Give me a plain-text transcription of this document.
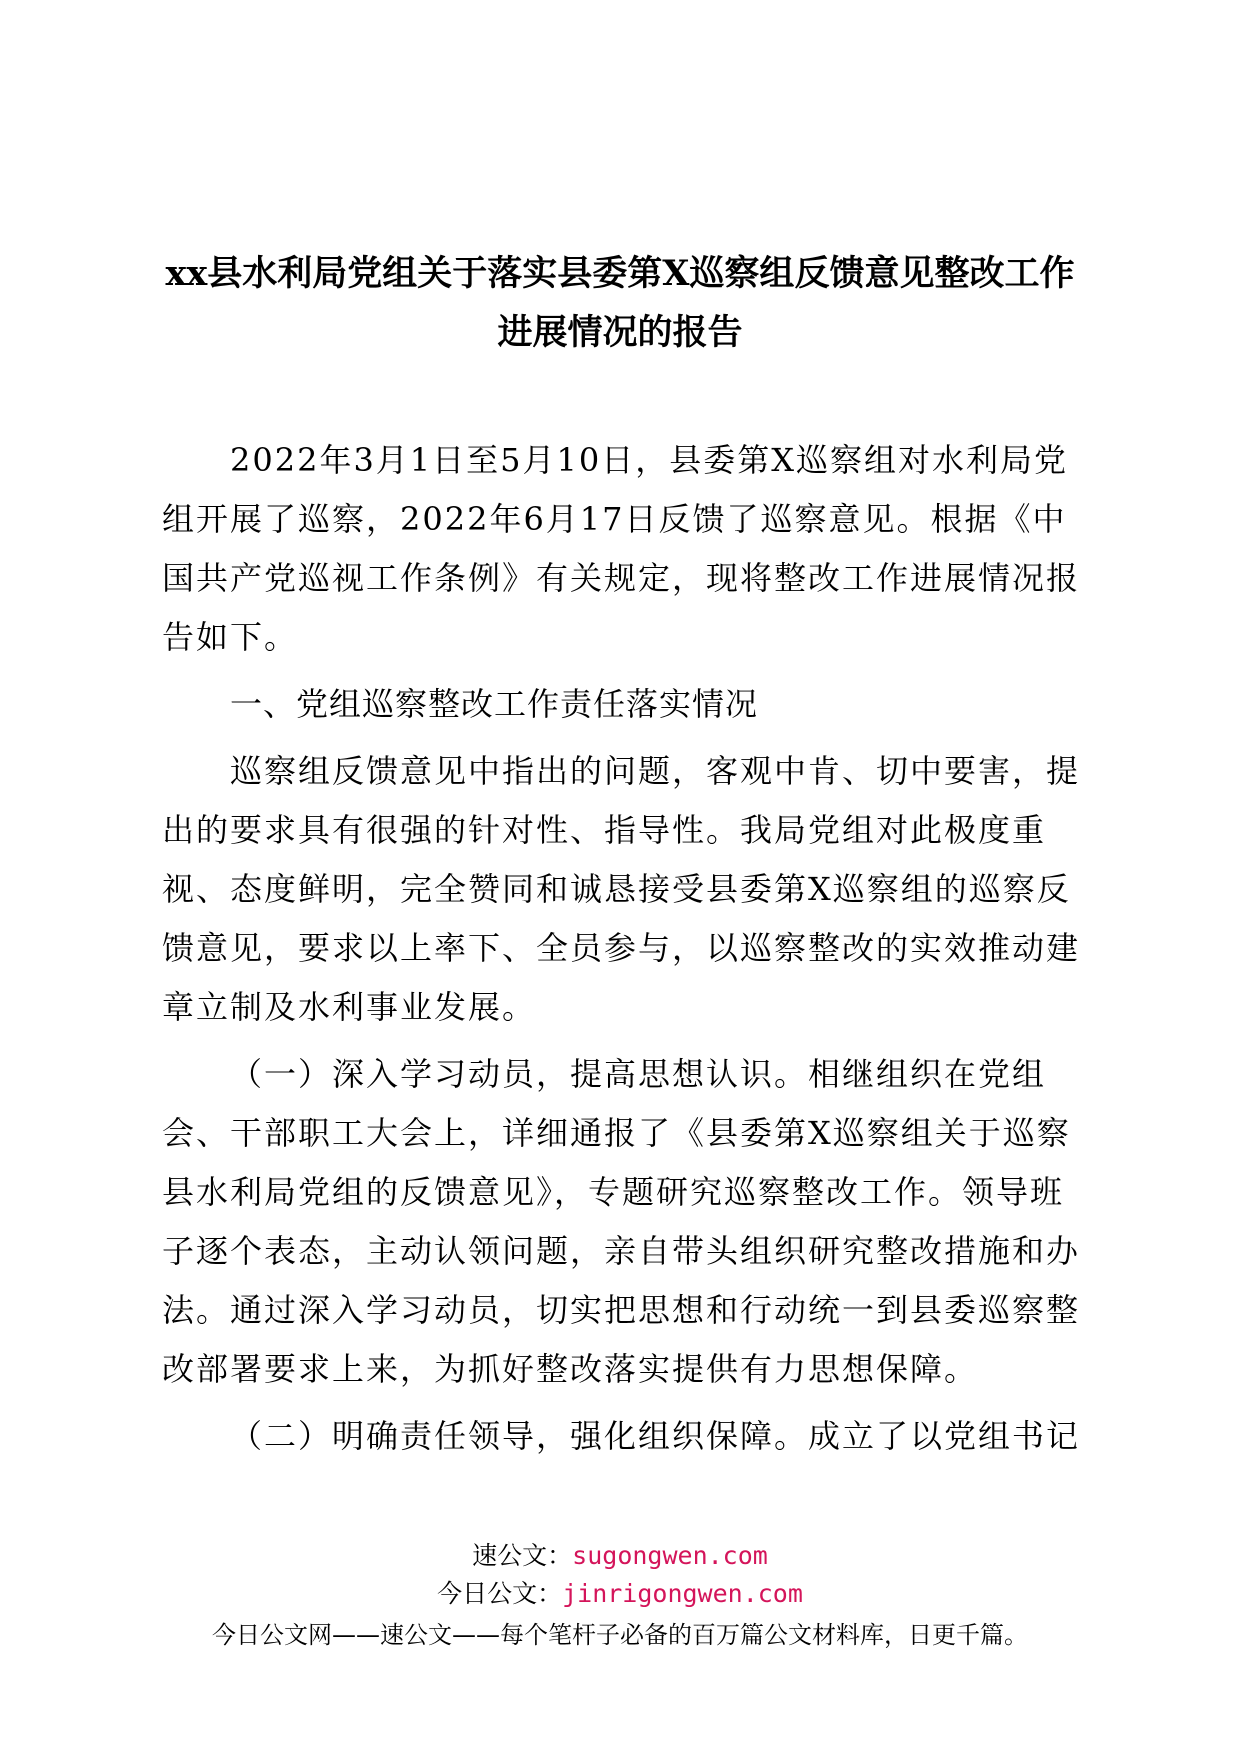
xx县水利局党组关于落实县委第X巡察组反馈意见整改工作进展情况的报告

2022年3月1日至5月10日，县委第X巡察组对水利局党组开展了巡察，2022年6月17日反馈了巡察意见。根据《中国共产党巡视工作条例》有关规定，现将整改工作进展情况报告如下。

一、党组巡察整改工作责任落实情况

巡察组反馈意见中指出的问题，客观中肯、切中要害，提出的要求具有很强的针对性、指导性。我局党组对此极度重视、态度鲜明，完全赞同和诚恳接受县委第X巡察组的巡察反馈意见，要求以上率下、全员参与，以巡察整改的实效推动建章立制及水利事业发展。

（一）深入学习动员，提高思想认识。相继组织在党组会、干部职工大会上，详细通报了《县委第X巡察组关于巡察县水利局党组的反馈意见》，专题研究巡察整改工作。领导班子逐个表态，主动认领问题，亲自带头组织研究整改措施和办法。通过深入学习动员，切实把思想和行动统一到县委巡察整改部署要求上来，为抓好整改落实提供有力思想保障。

（二）明确责任领导，强化组织保障。成立了以党组书记

速公文：sugongwen.com
今日公文：jinrigongwen.com
今日公文网——速公文——每个笔杆子必备的百万篇公文材料库，日更千篇。
